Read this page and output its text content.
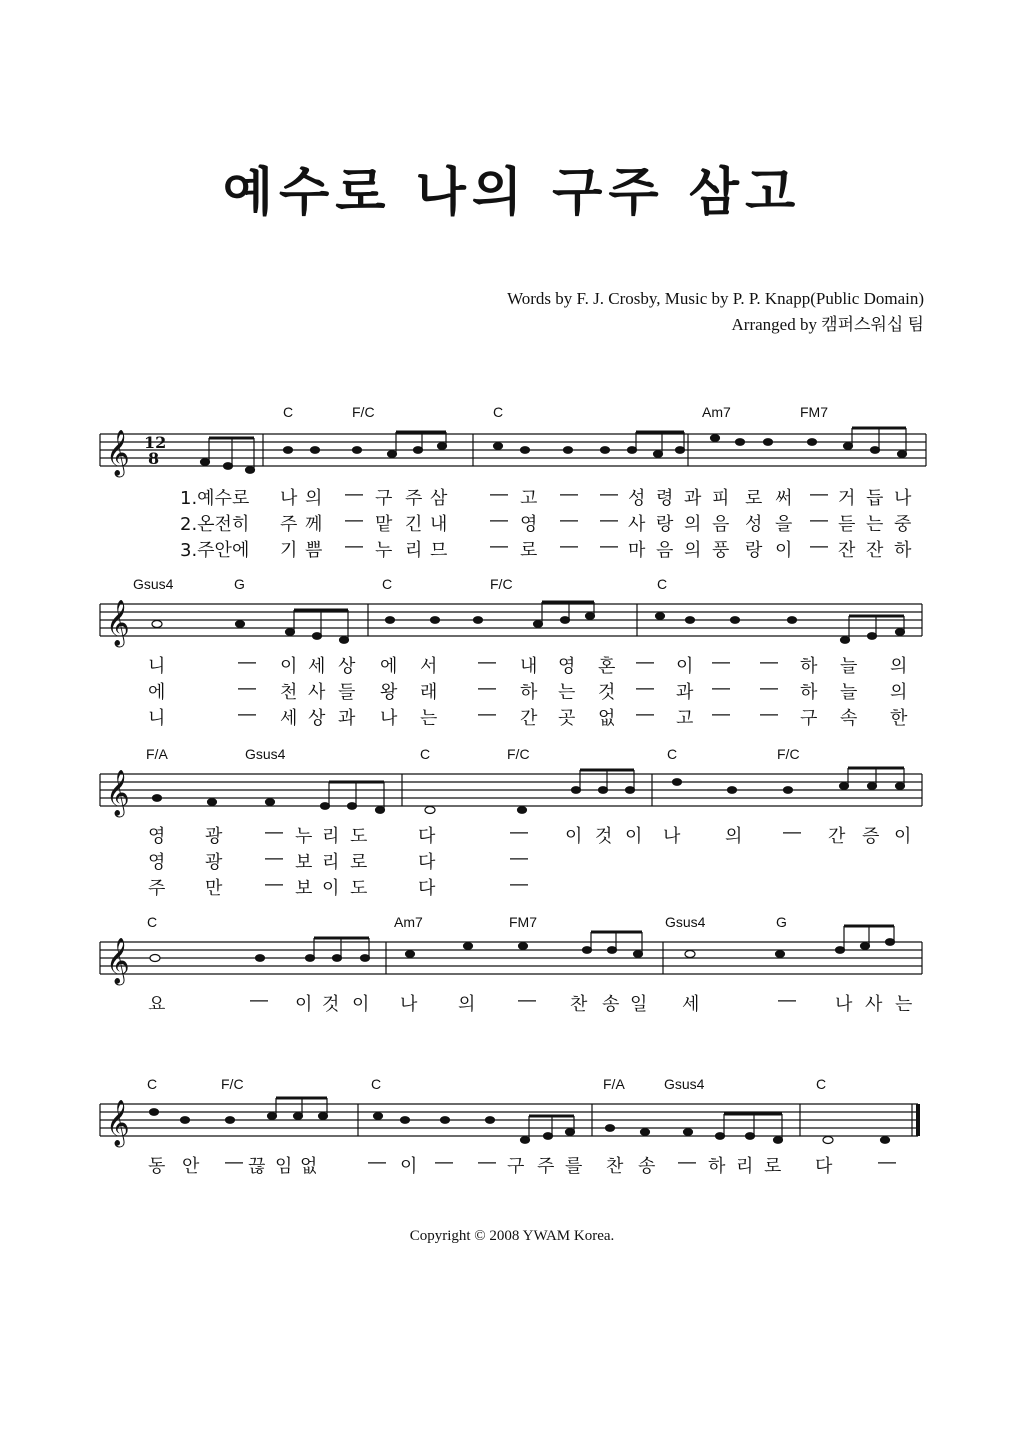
예수로 나의 구주 삼고
Words by F. J. Crosby, Music by P. P. Knapp(Public Domain)
Arranged by 캠퍼스워십 팀
C	F/C	C	Am7	FM7
𝄞 12
8
1.예수로 나 의 ― 구 주 삼 ― 고 ― ― 성 령 과 피 로 써 ― 거 듭 나
2.온전히 주 께 ― 맡 긴 내 ― 영 ― ― 사 랑 의 음 성 을 ― 듣 는 중
3.주안에 기 쁨 ― 누 리 므 ― 로 ― ― 마 음 의 풍 랑 이 ― 잔 잔 하
Gsus4	G	C	F/C	C
𝄞
니	― 이 세 상 에 서 ― 내 영 혼 ― 이 ― ― 하 늘 의
에	― 천 사 들 왕 래 ― 하 는 것 ― 과 ― ― 하 늘 의
니	― 세 상 과 나 는 ― 간 곳 없 ― 고 ― ― 구 속 한
F/A	Gsus4	C	F/C	C	F/C
𝄞
영 광 ― 누 리 도	다	― 이 것 이 나 의 ― 간 증 이
영 광 ― 보 리 로	다	―
주 만 ― 보 이 도	다	―
C	Am7	FM7	Gsus4	G
𝄞
요	― 이 것 이 나 의 ― 찬 송 일 세	― 나 사 는
C	F/C	C	F/A	Gsus4	C
𝄞
동 안 ― 끊 임 없	― 이 ― ― 구 주 를 찬 송 ― 하 리 로 다	―
Copyright © 2008 YWAM Korea.
